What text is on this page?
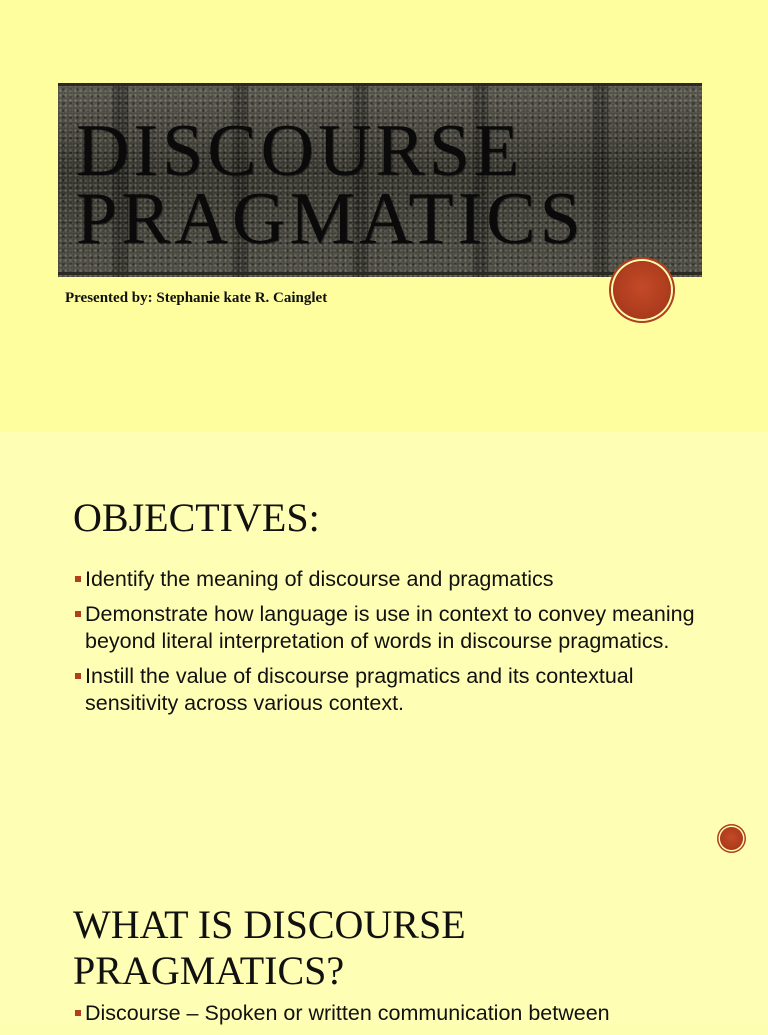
DISCOURSE
PRAGMATICS

Presented by: Stephanie kate R. Cainglet

OBJECTIVES:
Identify the meaning of discourse and pragmatics
Demonstrate how language is use in context to convey meaning beyond literal interpretation of words in discourse pragmatics.
Instill the value of discourse pragmatics and its contextual sensitivity across various context.
WHAT IS DISCOURSE PRAGMATICS?
Discourse – Spoken or written communication between
